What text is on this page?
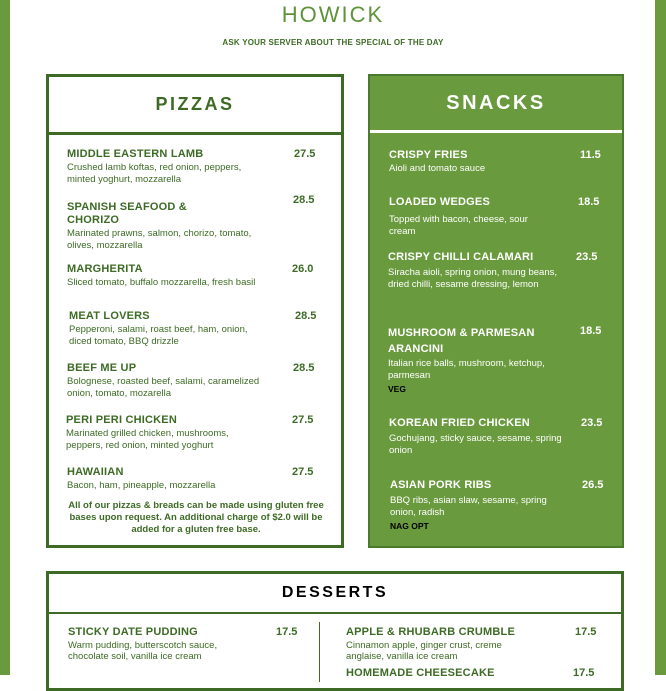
HOWICK
ASK YOUR SERVER ABOUT THE SPECIAL OF THE DAY
PIZZAS
MIDDLE EASTERN LAMB
Crushed lamb koftas, red onion, peppers, minted yoghurt, mozzarella
27.5
SPANISH SEAFOOD & CHORIZO
Marinated prawns, salmon, chorizo, tomato, olives, mozzarella
28.5
MARGHERITA
Sliced tomato, buffalo mozzarella, fresh basil
26.0
MEAT LOVERS
Pepperoni, salami, roast beef, ham, onion, diced tomato, BBQ drizzle
28.5
BEEF ME UP
Bolognese, roasted beef, salami, caramelized onion, tomato, mozarella
28.5
PERI PERI CHICKEN
Marinated grilled chicken, mushrooms, peppers, red onion, minted yoghurt
27.5
HAWAIIAN
Bacon, ham, pineapple, mozzarella
27.5
All of our pizzas & breads can be made using gluten free bases upon request. An additional charge of $2.0 will be added for a gluten free base.
SNACKS
CRISPY FRIES
Aioli and tomato sauce
11.5
LOADED WEDGES
Topped with bacon, cheese, sour cream
18.5
CRISPY CHILLI CALAMARI
Siracha aioli, spring onion, mung beans, dried chilli, sesame dressing, lemon
23.5
MUSHROOM & PARMESAN ARANCINI
Italian rice balls, mushroom, ketchup, parmesan
VEG
18.5
KOREAN FRIED CHICKEN
Gochujang, sticky sauce, sesame, spring onion
23.5
ASIAN PORK RIBS
BBQ ribs, asian slaw, sesame, spring onion, radish
NAG OPT
26.5
DESSERTS
STICKY DATE PUDDING
Warm pudding, butterscotch sauce, chocolate soil, vanilla ice cream
17.5	APPLE & RHUBARB CRUMBLE
Cinnamon apple, ginger crust, creme anglaise, vanilla ice cream
17.5
HOMEMADE CHEESECAKE	17.5
